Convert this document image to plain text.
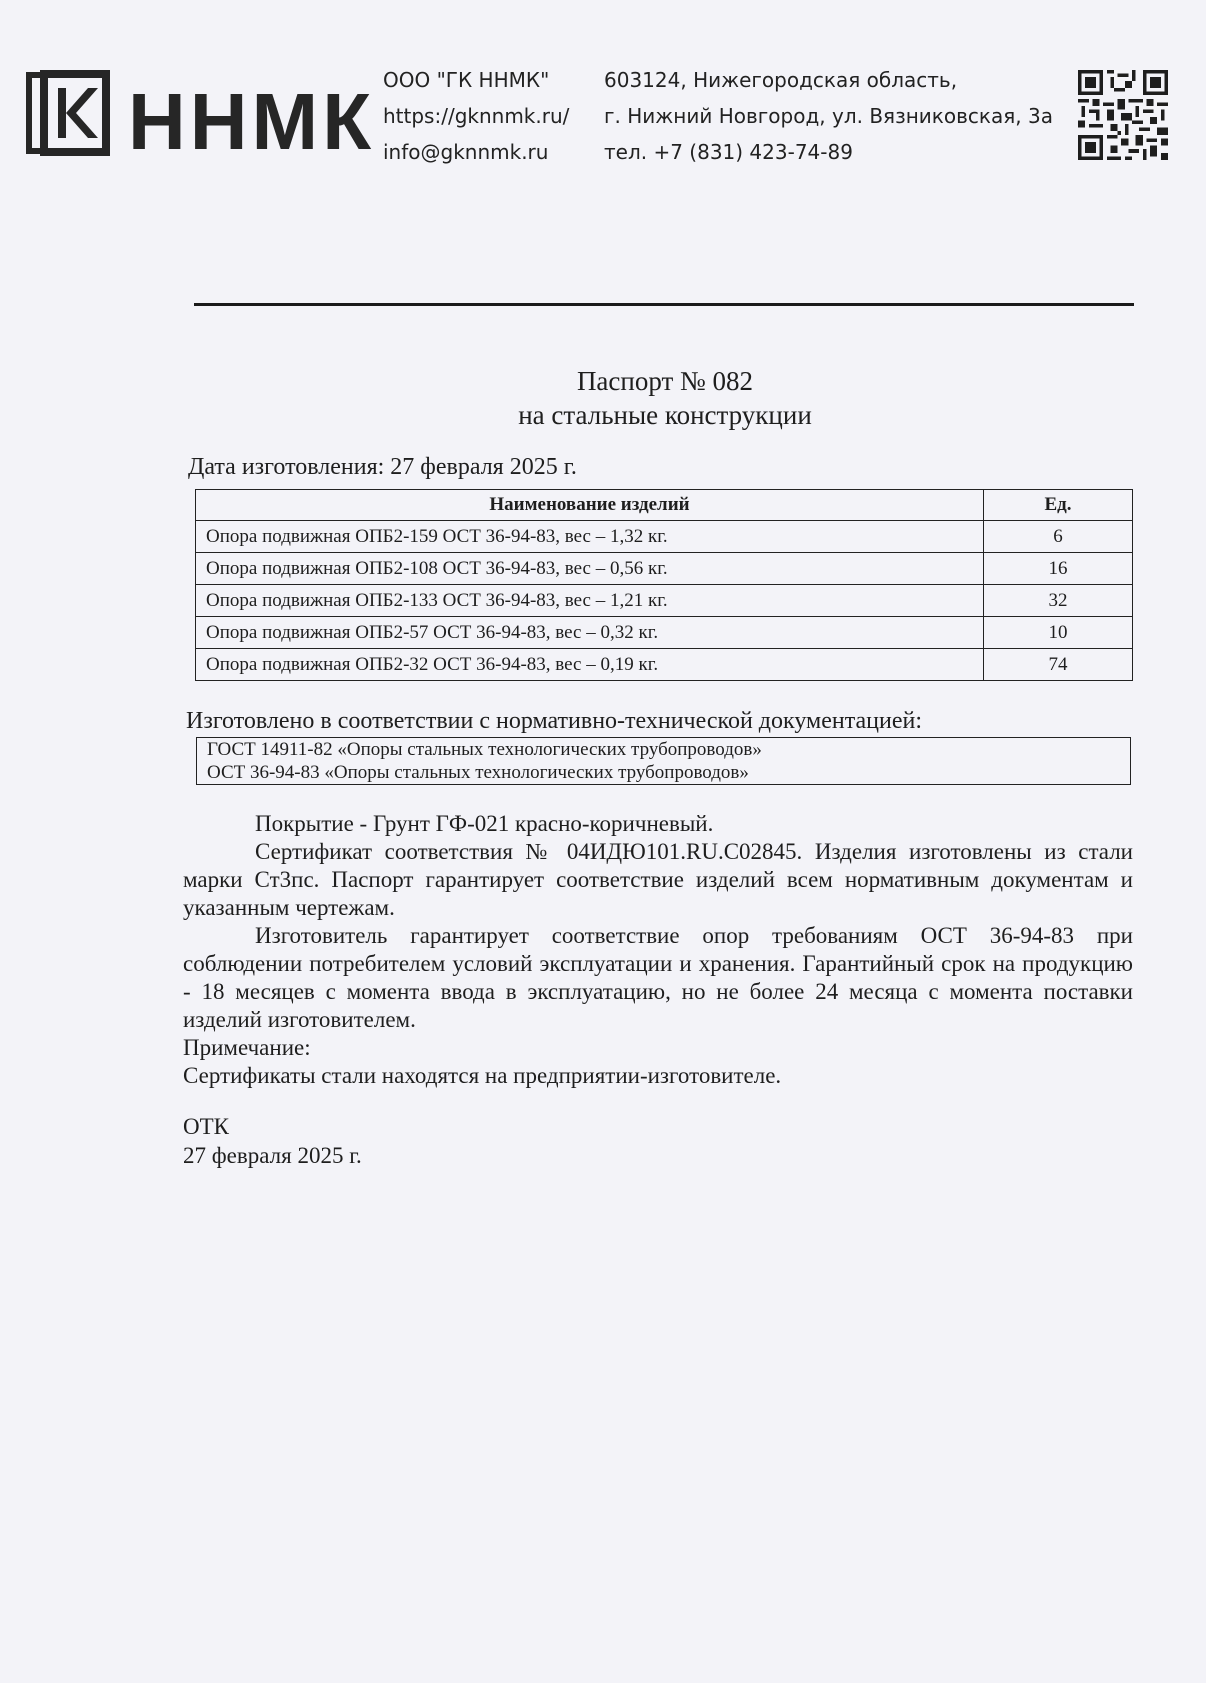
ННМК ООО "ГК ННМК"
https://gknnmk.ru/
info@gknnmk.ru
603124, Нижегородская область,
г. Нижний Новгород, ул. Вязниковская, 3а
тел. +7 (831) 423-74-89
Паспорт № 082
на стальные конструкции
Дата изготовления: 27 февраля 2025 г.
Наименование изделий	Ед.
Опора подвижная ОПБ2-159 ОСТ 36-94-83, вес – 1,32 кг.	6
Опора подвижная ОПБ2-108 ОСТ 36-94-83, вес – 0,56 кг.	16
Опора подвижная ОПБ2-133 ОСТ 36-94-83, вес – 1,21 кг.	32
Опора подвижная ОПБ2-57 ОСТ 36-94-83, вес – 0,32 кг.	10
Опора подвижная ОПБ2-32 ОСТ 36-94-83, вес – 0,19 кг.	74
Изготовлено в соответствии с нормативно-технической документацией:
ГОСТ 14911-82 «Опоры стальных технологических трубопроводов»
ОСТ 36-94-83 «Опоры стальных технологических трубопроводов»

Покрытие - Грунт ГФ-021 красно-коричневый.

Сертификат соответствия № 04ИДЮ101.RU.C02845. Изделия изготовлены из стали марки Ст3пс. Паспорт гарантирует соответствие изделий всем нормативным документам и указанным чертежам.

Изготовитель гарантирует соответствие опор требованиям ОСТ 36-94-83 при соблюдении потребителем условий эксплуатации и хранения. Гарантийный срок на продукцию - 18 месяцев с момента ввода в эксплуатацию, но не более 24 месяца с момента поставки изделий изготовителем.

Примечание:

Сертификаты стали находятся на предприятии-изготовителе.

ОТК
27 февраля 2025 г.
